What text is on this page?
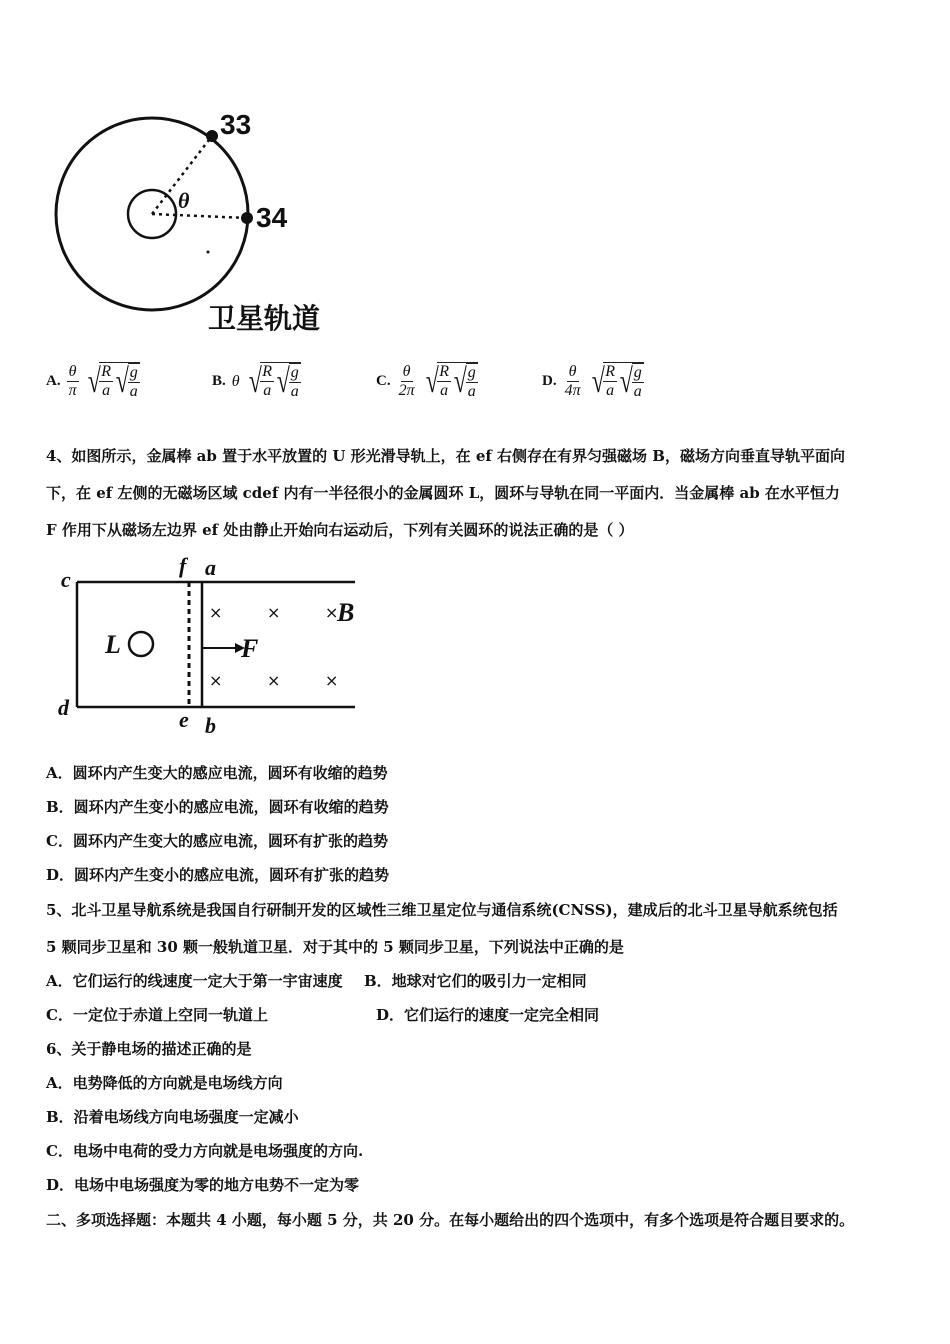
33
34
θ
卫星轨道
A. $\frac{\theta}{\pi}$ √
$\frac{R}{a}$ √
$\frac{g}{a}$	B. θ √
$\frac{R}{a}$ √
$\frac{g}{a}$	C. $\frac{\theta}{2\pi}$ √
$\frac{R}{a}$ √
$\frac{g}{a}$	D. $\frac{\theta}{4\pi}$ √
$\frac{R}{a}$ √
$\frac{g}{a}$
4、如图所示，金属棒 ab 置于水平放置的 U 形光滑导轨上，在 ef 右侧存在有界匀强磁场 B，磁场方向垂直导轨平面向
下，在 ef 左侧的无磁场区域 cdef 内有一半径很小的金属圆环 L，圆环与导轨在同一平面内．当金属棒 ab 在水平恒力
F 作用下从磁场左边界 ef 处由静止开始向右运动后，下列有关圆环的说法正确的是（ ）
c
d
f a
e b
L	F
B
×	×	×
×	×	×
A．圆环内产生变大的感应电流，圆环有收缩的趋势
B．圆环内产生变小的感应电流，圆环有收缩的趋势
C．圆环内产生变大的感应电流，圆环有扩张的趋势
D．圆环内产生变小的感应电流，圆环有扩张的趋势
5、北斗卫星导航系统是我国自行研制开发的区域性三维卫星定位与通信系统(CNSS)，建成后的北斗卫星导航系统包括
5 颗同步卫星和 30 颗一般轨道卫星．对于其中的 5 颗同步卫星，下列说法中正确的是
A．它们运行的线速度一定大于第一宇宙速度 B．地球对它们的吸引力一定相同
C．一定位于赤道上空同一轨道上	D．它们运行的速度一定完全相同
6、关于静电场的描述正确的是
A．电势降低的方向就是电场线方向
B．沿着电场线方向电场强度一定减小
C．电场中电荷的受力方向就是电场强度的方向.
D．电场中电场强度为零的地方电势不一定为零
二、多项选择题：本题共 4 小题，每小题 5 分，共 20 分。在每小题给出的四个选项中，有多个选项是符合题目要求的。
